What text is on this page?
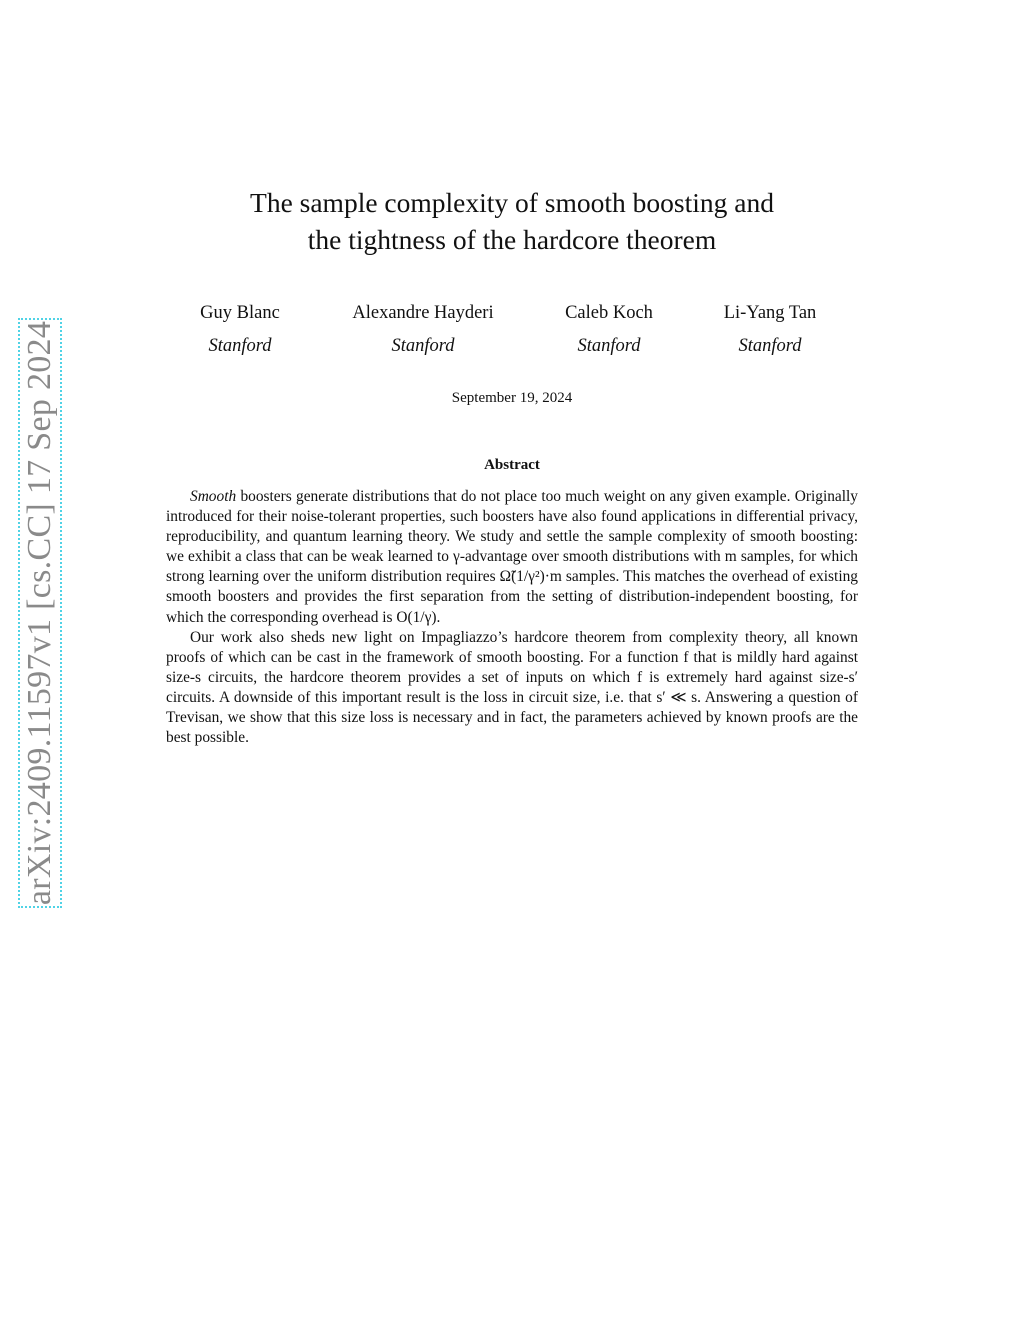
arXiv:2409.11597v1 [cs.CC] 17 Sep 2024
The sample complexity of smooth boosting and
the tightness of the hardcore theorem
Guy Blanc
Stanford
Alexandre Hayderi
Stanford
Caleb Koch
Stanford
Li-Yang Tan
Stanford
September 19, 2024
Abstract

Smooth boosters generate distributions that do not place too much weight on any given example. Originally introduced for their noise-tolerant properties, such boosters have also found applications in differential privacy, reproducibility, and quantum learning theory. We study and settle the sample complexity of smooth boosting: we exhibit a class that can be weak learned to γ-advantage over smooth distributions with m samples, for which strong learning over the uniform distribution requires Ω̃(1/γ²)·m samples. This matches the overhead of existing smooth boosters and provides the first separation from the setting of distribution-independent boosting, for which the corresponding overhead is O(1/γ).

Our work also sheds new light on Impagliazzo’s hardcore theorem from complexity theory, all known proofs of which can be cast in the framework of smooth boosting. For a function f that is mildly hard against size-s circuits, the hardcore theorem provides a set of inputs on which f is extremely hard against size-s′ circuits. A downside of this important result is the loss in circuit size, i.e. that s′ ≪ s. Answering a question of Trevisan, we show that this size loss is necessary and in fact, the parameters achieved by known proofs are the best possible.
